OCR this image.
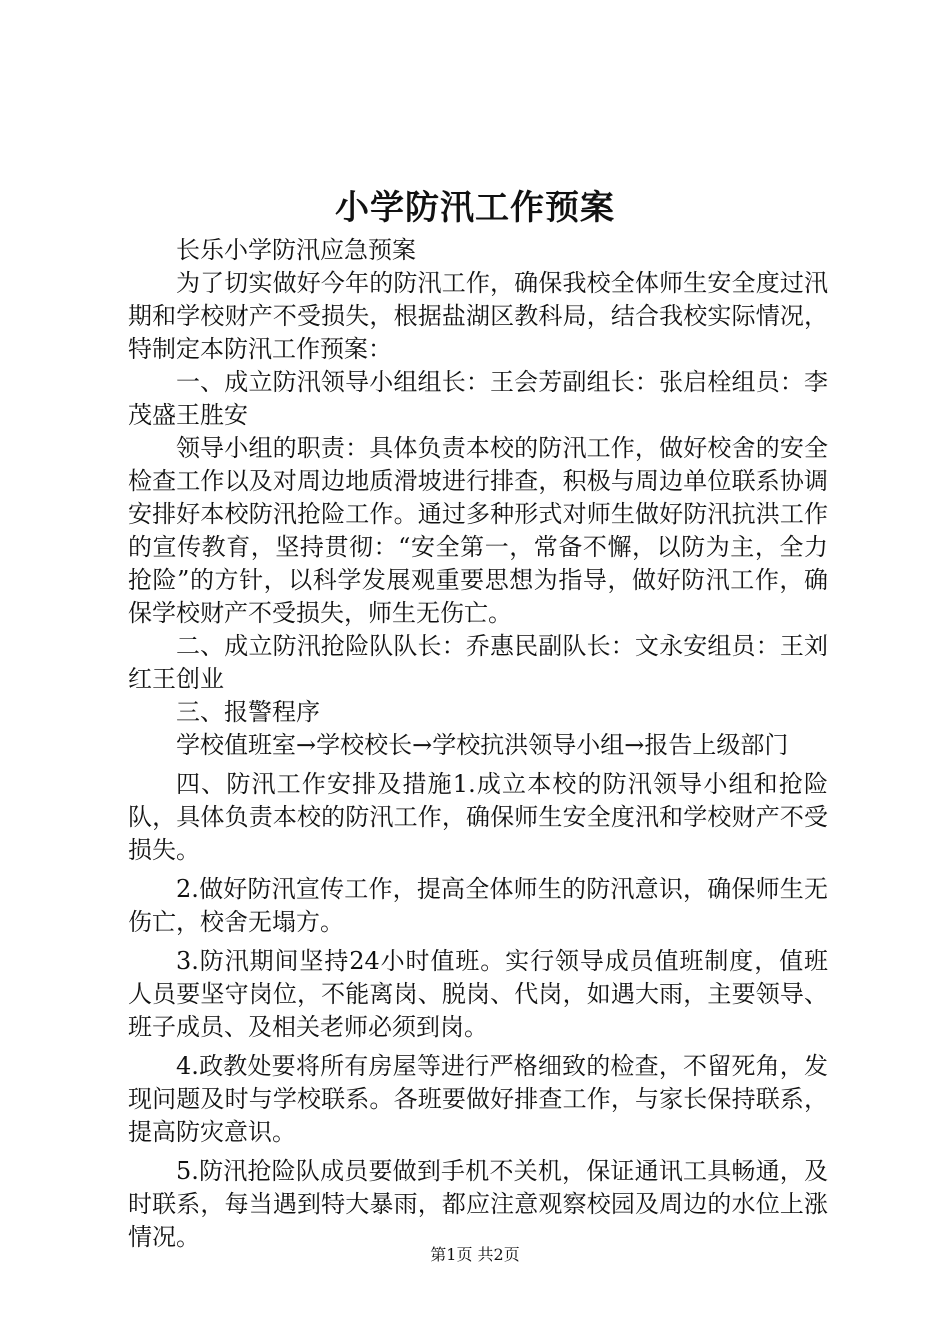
小学防汛工作预案

长乐小学防汛应急预案

为了切实做好今年的防汛工作，确保我校全体师生安全度过汛期和学校财产不受损失，根据盐湖区教科局，结合我校实际情况，特制定本防汛工作预案：

一、成立防汛领导小组组长：王会芳副组长：张启栓组员：李茂盛王胜安

领导小组的职责：具体负责本校的防汛工作，做好校舍的安全检查工作以及对周边地质滑坡进行排查，积极与周边单位联系协调安排好本校防汛抢险工作。通过多种形式对师生做好防汛抗洪工作的宣传教育，坚持贯彻：“安全第一，常备不懈，以防为主，全力抢险”的方针，以科学发展观重要思想为指导，做好防汛工作，确保学校财产不受损失，师生无伤亡。

二、成立防汛抢险队队长：乔惠民副队长：文永安组员：王刘红王创业

三、报警程序

学校值班室→学校校长→学校抗洪领导小组→报告上级部门

四、防汛工作安排及措施1.成立本校的防汛领导小组和抢险队，具体负责本校的防汛工作，确保师生安全度汛和学校财产不受损失。

2.做好防汛宣传工作，提高全体师生的防汛意识，确保师生无伤亡，校舍无塌方。

3.防汛期间坚持24小时值班。实行领导成员值班制度，值班人员要坚守岗位，不能离岗、脱岗、代岗，如遇大雨，主要领导、班子成员、及相关老师必须到岗。

4.政教处要将所有房屋等进行严格细致的检查，不留死角，发现问题及时与学校联系。各班要做好排查工作，与家长保持联系，提高防灾意识。

5.防汛抢险队成员要做到手机不关机，保证通讯工具畅通，及时联系，每当遇到特大暴雨，都应注意观察校园及周边的水位上涨情况。

第1页 共2页
